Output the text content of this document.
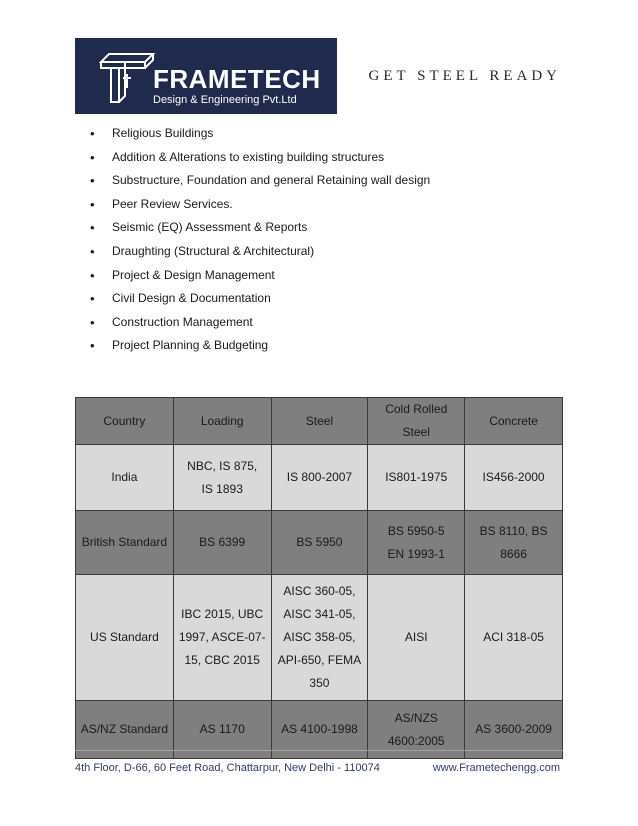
FRAMETECH
Design & Engineering Pvt.Ltd
GET STEEL READY
• Religious Buildings
• Addition & Alterations to existing building structures
• Substructure, Foundation and general Retaining wall design
• Peer Review Services.
• Seismic (EQ) Assessment & Reports
• Draughting (Structural & Architectural)
• Project & Design Management
• Civil Design & Documentation
• Construction Management
• Project Planning & Budgeting
Country	Loading	Steel	Cold Rolled Steel	Concrete
India	NBC, IS 875,
IS 1893	IS 800-2007	IS801-1975	IS456-2000
British Standard	BS 6399	BS 5950	BS 5950-5
EN 1993-1	BS 8110, BS
8666

US Standard	IBC 2015, UBC
1997, ASCE-07-
15, CBC 2015	AISC 360-05,
AISC 341-05,
AISC 358-05,
API-650, FEMA
350	AISI	ACI 318-05
AS/NZ Standard	AS 1170	AS 4100-1998	AS/NZS
4600:2005	AS 3600-2009
4th Floor, D-66, 60 Feet Road, Chattarpur, New Delhi - 110074	www.Frametechengg.com
